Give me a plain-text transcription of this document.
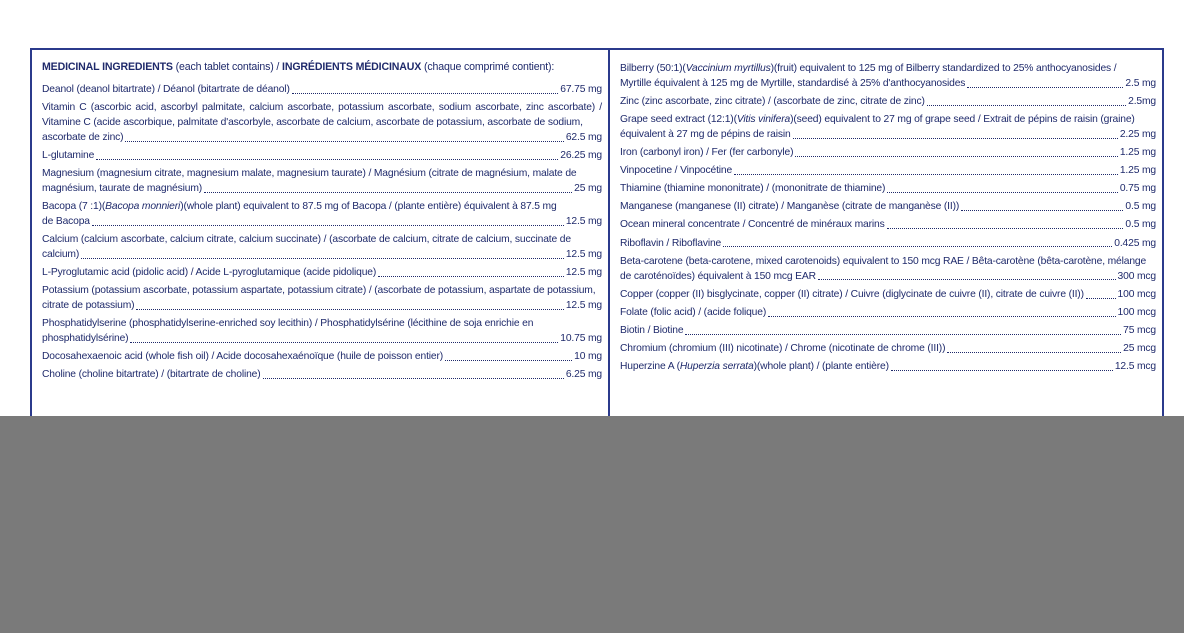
MEDICINAL INGREDIENTS (each tablet contains) / INGRÉDIENTS MÉDICINAUX (chaque comprimé contient):
Deanol (deanol bitartrate) / Déanol (bitartrate de déanol)	67.75 mg
Vitamin C (ascorbic acid, ascorbyl palmitate, calcium ascorbate, potassium ascorbate, sodium ascorbate, zinc ascorbate) / Vitamine C (acide ascorbique, palmitate d'ascorbyle, ascorbate de calcium, ascorbate de potassium, ascorbate de sodium,
ascorbate de zinc)	62.5 mg
L-glutamine	26.25 mg
Magnesium (magnesium citrate, magnesium malate, magnesium taurate) / Magnésium (citrate de magnésium, malate de
magnésium, taurate de magnésium)	25 mg
Bacopa (7 :1)(Bacopa monnieri)(whole plant) equivalent to 87.5 mg of Bacopa / (plante entière) équivalent à 87.5 mg
de Bacopa	12.5 mg
Calcium (calcium ascorbate, calcium citrate, calcium succinate) / (ascorbate de calcium, citrate de calcium, succinate de
calcium)	12.5 mg
L-Pyroglutamic acid (pidolic acid) / Acide L-pyroglutamique (acide pidolique)	12.5 mg
Potassium (potassium ascorbate, potassium aspartate, potassium citrate) / (ascorbate de potassium, aspartate de potassium,
citrate de potassium)	12.5 mg
Phosphatidylserine (phosphatidylserine-enriched soy lecithin) / Phosphatidylsérine (lécithine de soja enrichie en
phosphatidylsérine)	10.75 mg
Docosahexaenoic acid (whole fish oil) / Acide docosahexaénoïque (huile de poisson entier)	10 mg
Choline (choline bitartrate) / (bitartrate de choline)	6.25 mg
Bilberry (50:1)(Vaccinium myrtillus)(fruit) equivalent to 125 mg of Bilberry standardized to 25% anthocyanosides /
Myrtille équivalent à 125 mg de Myrtille, standardisé à 25% d'anthocyanosides	2.5 mg
Zinc (zinc ascorbate, zinc citrate) / (ascorbate de zinc, citrate de zinc)	2.5mg
Grape seed extract (12:1)(Vitis vinifera)(seed) equivalent to 27 mg of grape seed / Extrait de pépins de raisin (graine)
équivalent à 27 mg de pépins de raisin	2.25 mg
Iron (carbonyl iron) / Fer (fer carbonyle)	1.25 mg
Vinpocetine / Vinpocétine	1.25 mg
Thiamine (thiamine mononitrate) / (mononitrate de thiamine)	0.75 mg
Manganese (manganese (II) citrate) / Manganèse (citrate de manganèse (II))	0.5 mg
Ocean mineral concentrate / Concentré de minéraux marins	0.5 mg
Riboflavin / Riboflavine	0.425 mg
Beta-carotene (beta-carotene, mixed carotenoids) equivalent to 150 mcg RAE / Bêta-carotène (bêta-carotène, mélange
de caroténoïdes) équivalent à 150 mcg EAR	300 mcg
Copper (copper (II) bisglycinate, copper (II) citrate) / Cuivre (diglycinate de cuivre (II), citrate de cuivre (II))	100 mcg
Folate (folic acid) / (acide folique)	100 mcg
Biotin / Biotine	75 mcg
Chromium (chromium (III) nicotinate) / Chrome (nicotinate de chrome (III))	25 mcg
Huperzine A (Huperzia serrata)(whole plant) / (plante entière)	12.5 mcg
